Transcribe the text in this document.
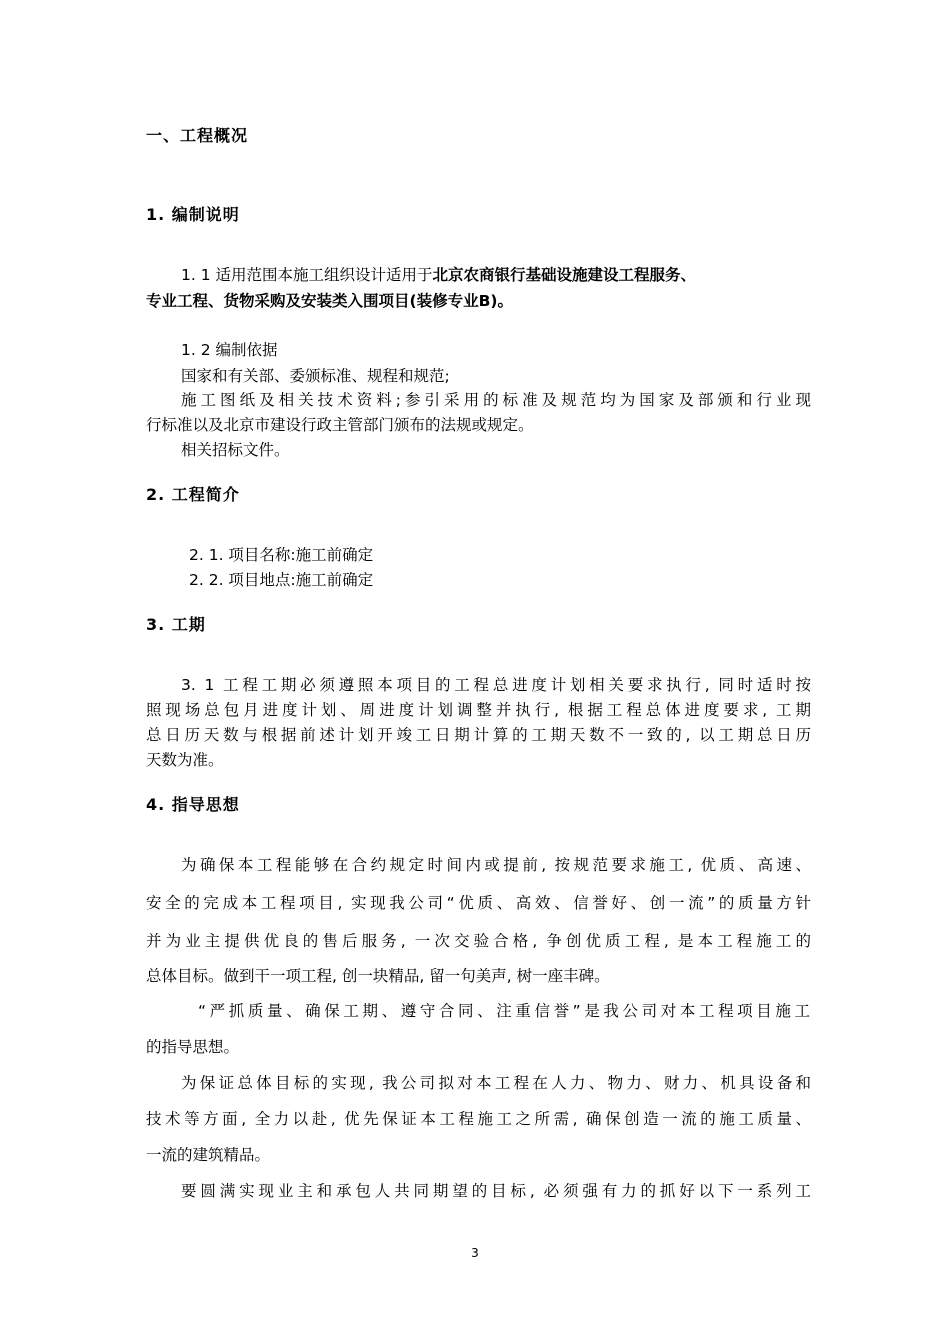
一、工程概况
1. 编制说明
1. 1 适用范围本施工组织设计适用于北京农商银行基础设施建设工程服务、
专业工程、货物采购及安装类入围项目(装修专业B)。
1. 2 编制依据
国家和有关部、委颁标准、规程和规范;
施工图纸及相关技术资料;参引采用的标准及规范均为国家及部颁和行业现
行标准以及北京市建设行政主管部门颁布的法规或规定。
相关招标文件。
2. 工程简介
2. 1. 项目名称:施工前确定
2. 2. 项目地点:施工前确定
3. 工期
3. 1 工程工期必须遵照本项目的工程总进度计划相关要求执行, 同时适时按
照现场总包月进度计划、周进度计划调整并执行, 根据工程总体进度要求, 工期
总日历天数与根据前述计划开竣工日期计算的工期天数不一致的, 以工期总日历
天数为准。
4. 指导思想
为确保本工程能够在合约规定时间内或提前, 按规范要求施工, 优质、高速、
安全的完成本工程项目, 实现我公司“优质、高效、信誉好、创一流”的质量方针
并为业主提供优良的售后服务, 一次交验合格, 争创优质工程, 是本工程施工的
总体目标。做到干一项工程, 创一块精品, 留一句美声, 树一座丰碑。
“严抓质量、确保工期、遵守合同、注重信誉”是我公司对本工程项目施工
的指导思想。
为保证总体目标的实现, 我公司拟对本工程在人力、物力、财力、机具设备和
技术等方面, 全力以赴, 优先保证本工程施工之所需, 确保创造一流的施工质量、
一流的建筑精品。
要圆满实现业主和承包人共同期望的目标, 必须强有力的抓好以下一系列工
3
